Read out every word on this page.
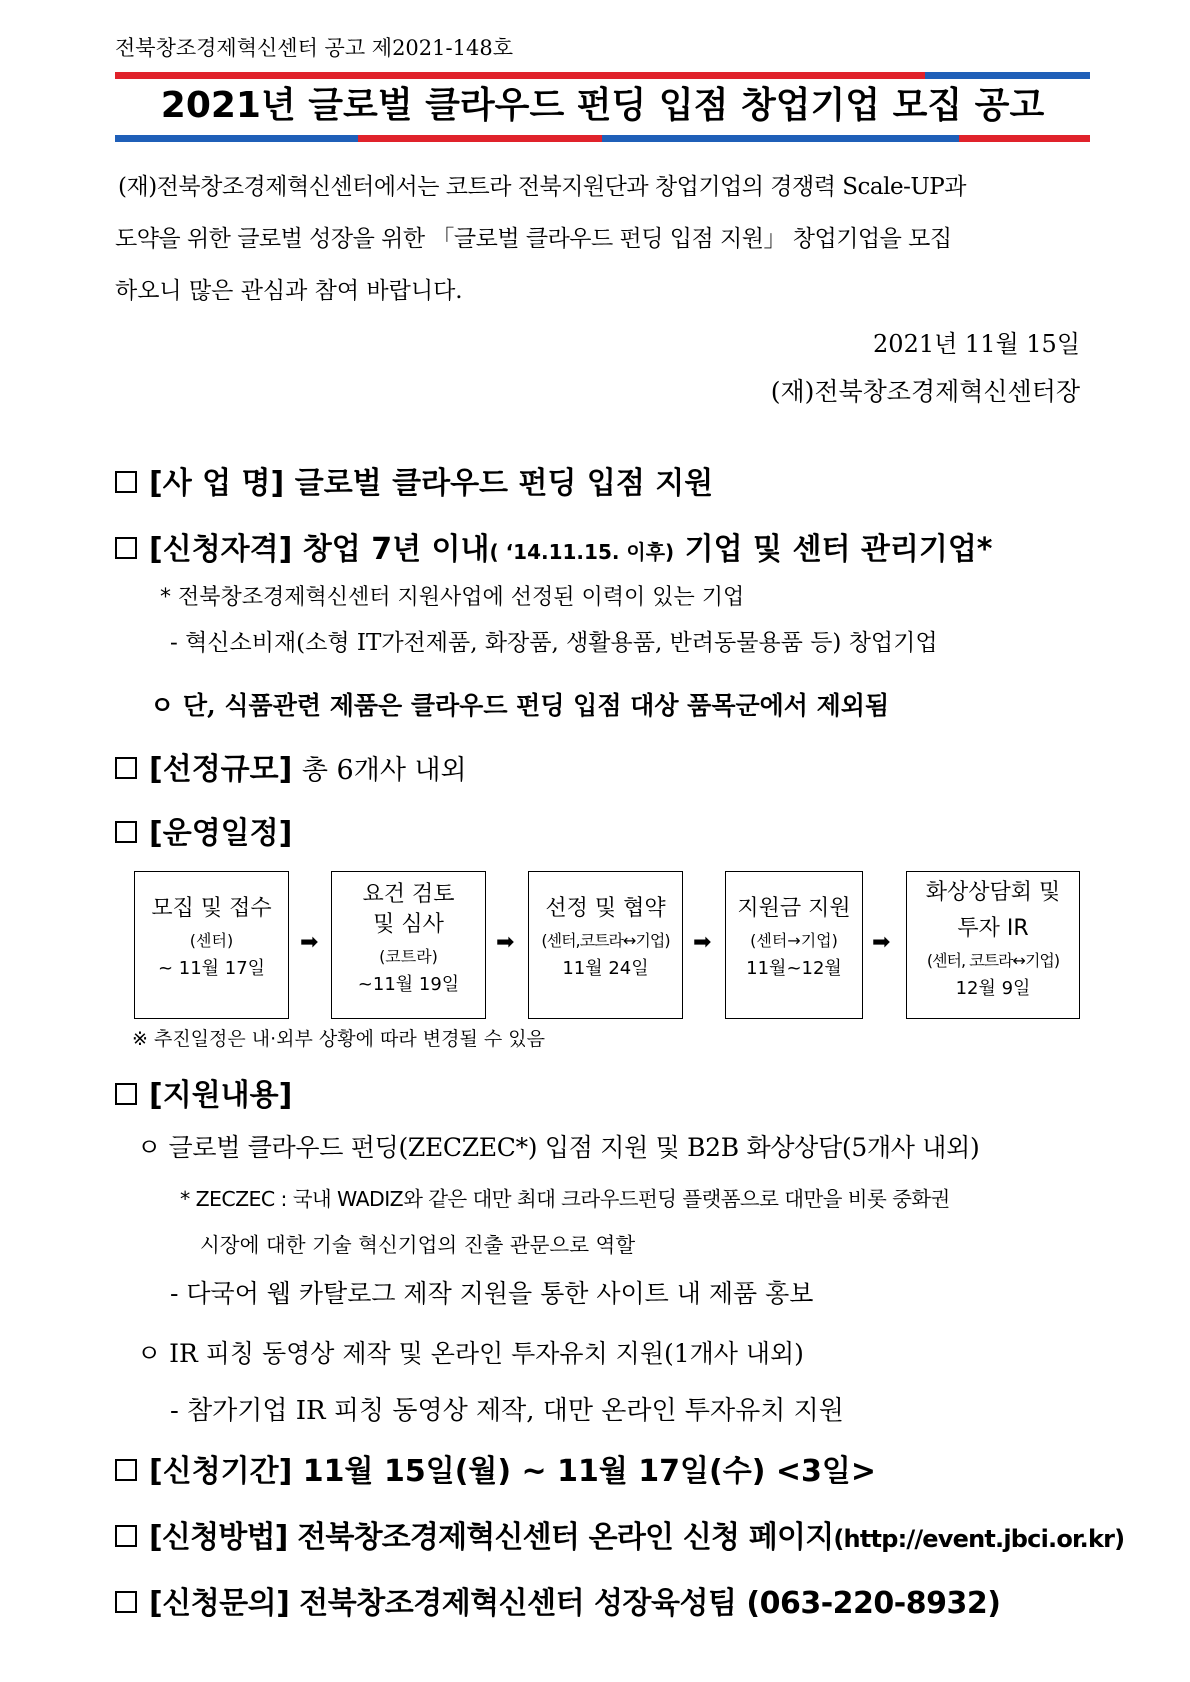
전북창조경제혁신센터 공고 제2021-148호
2021년 글로벌 클라우드 펀딩 입점 창업기업 모집 공고
(재)전북창조경제혁신센터에서는 코트라 전북지원단과 창업기업의 경쟁력 Scale-UP과
도약을 위한 글로벌 성장을 위한 「글로벌 클라우드 펀딩 입점 지원」 창업기업을 모집
하오니 많은 관심과 참여 바랍니다.
2021년 11월 15일
(재)전북창조경제혁신센터장
[사 업 명] 글로벌 클라우드 펀딩 입점 지원
[신청자격] 창업 7년 이내( ‘14.11.15. 이후) 기업 및 센터 관리기업*
* 전북창조경제혁신센터 지원사업에 선정된 이력이 있는 기업
- 혁신소비재(소형 IT가전제품, 화장품, 생활용품, 반려동물용품 등) 창업기업
ㅇ 단, 식품관련 제품은 클라우드 펀딩 입점 대상 품목군에서 제외됨
[선정규모] 총 6개사 내외
[운영일정]
모집 및 접수
(센터)
~ 11월 17일
➡
요건 검토
및 심사
(코트라)
~11월 19일
➡
선정 및 협약
(센터,코트라↔기업)
11월 24일
➡
지원금 지원
(센터→기업)
11월~12월
➡
화상상담회 및
투자 IR
(센터, 코트라↔기업)
12월 9일
※ 추진일정은 내·외부 상황에 따라 변경될 수 있음
[지원내용]
ㅇ 글로벌 클라우드 펀딩(ZECZEC*) 입점 지원 및 B2B 화상상담(5개사 내외)
* ZECZEC : 국내 WADIZ와 같은 대만 최대 크라우드펀딩 플랫폼으로 대만을 비롯 중화권
시장에 대한 기술 혁신기업의 진출 관문으로 역할
- 다국어 웹 카탈로그 제작 지원을 통한 사이트 내 제품 홍보
ㅇ IR 피칭 동영상 제작 및 온라인 투자유치 지원(1개사 내외)
- 참가기업 IR 피칭 동영상 제작, 대만 온라인 투자유치 지원
[신청기간] 11월 15일(월) ~ 11월 17일(수) <3일>
[신청방법] 전북창조경제혁신센터 온라인 신청 페이지(http://event.jbci.or.kr)
[신청문의] 전북창조경제혁신센터 성장육성팀 (063-220-8932)
